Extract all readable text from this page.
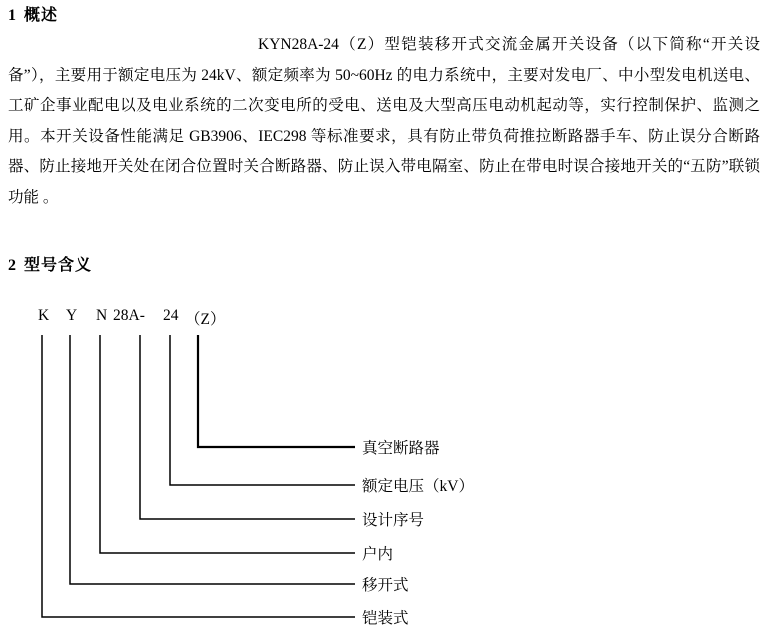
1 概述
KYN28A-24（Z）型铠装移开式交流金属开关设备（以下简称“开关设备”），主要用于额定电压为 24kV、额定频率为 50~60Hz 的电力系统中，主要对发电厂、中小型发电机送电、工矿企事业配电以及电业系统的二次变电所的受电、送电及大型高压电动机起动等，实行控制保护、监测之用。本开关设备性能满足 GB3906、IEC298 等标准要求，具有防止带负荷推拉断路器手车、防止误分合断路器、防止接地开关处在闭合位置时关合断路器、防止误入带电隔室、防止在带电时误合接地开关的“五防”联锁功能 。
2 型号含义
K Y N 28A- 24 （Z）
真空断路器
额定电压（kV）
设计序号
户内
移开式
铠装式
